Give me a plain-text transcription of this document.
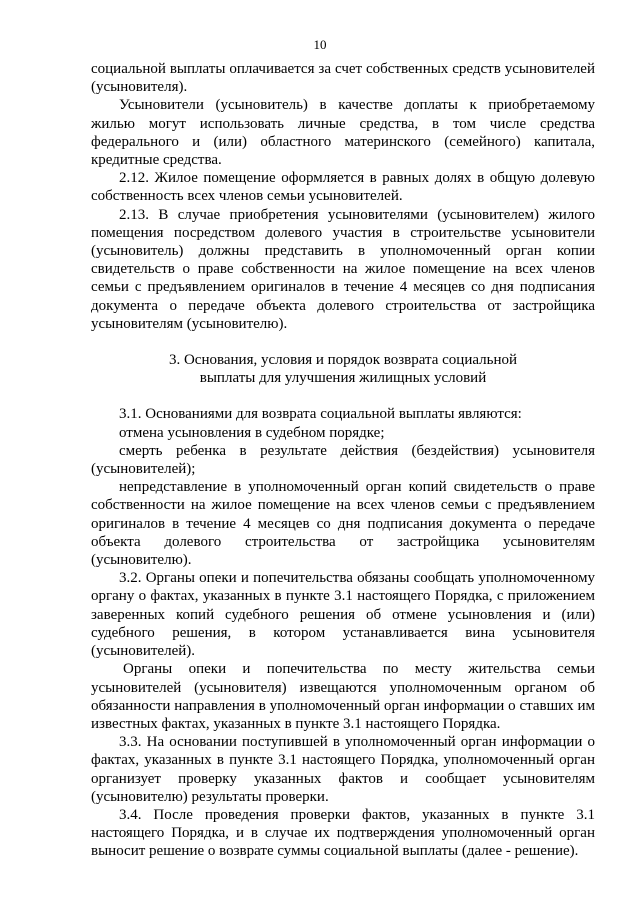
10

социальной выплаты оплачивается за счет собственных средств усыновителей (усыновителя).

Усыновители (усыновитель) в качестве доплаты к приобретаемому жилью могут использовать личные средства, в том числе средства федерального и (или) областного материнского (семейного) капитала, кредитные средства.

2.12. Жилое помещение оформляется в равных долях в общую долевую собственность всех членов семьи усыновителей.

2.13. В случае приобретения усыновителями (усыновителем) жилого помещения посредством долевого участия в строительстве усыновители (усыновитель) должны представить в уполномоченный орган копии свидетельств о праве собственности на жилое помещение на всех членов семьи с предъявлением оригиналов в течение 4 месяцев со дня подписания документа о передаче объекта долевого строительства от застройщика усыновителям (усыновителю).

3. Основания, условия и порядок возврата социальной

выплаты для улучшения жилищных условий

3.1. Основаниями для возврата социальной выплаты являются:

отмена усыновления в судебном порядке;

смерть ребенка в результате действия (бездействия) усыновителя (усыновителей);

непредставление в уполномоченный орган копий свидетельств о праве собственности на жилое помещение на всех членов семьи с предъявлением оригиналов в течение 4 месяцев со дня подписания документа о передаче объекта долевого строительства от застройщика усыновителям (усыновителю).

3.2. Органы опеки и попечительства обязаны сообщать уполномоченному органу о фактах, указанных в пункте 3.1 настоящего Порядка, с приложением заверенных копий судебного решения об отмене усыновления и (или) судебного решения, в котором устанавливается вина усыновителя (усыновителей).

Органы опеки и попечительства по месту жительства семьи усыновителей (усыновителя) извещаются уполномоченным органом об обязанности направления в уполномоченный орган информации о ставших им известных фактах, указанных в пункте 3.1 настоящего Порядка.

3.3. На основании поступившей в уполномоченный орган информации о фактах, указанных в пункте 3.1 настоящего Порядка, уполномоченный орган организует проверку указанных фактов и сообщает усыновителям (усыновителю) результаты проверки.

3.4. После проведения проверки фактов, указанных в пункте 3.1 настоящего Порядка, и в случае их подтверждения уполномоченный орган выносит решение о возврате суммы социальной выплаты (далее - решение).
